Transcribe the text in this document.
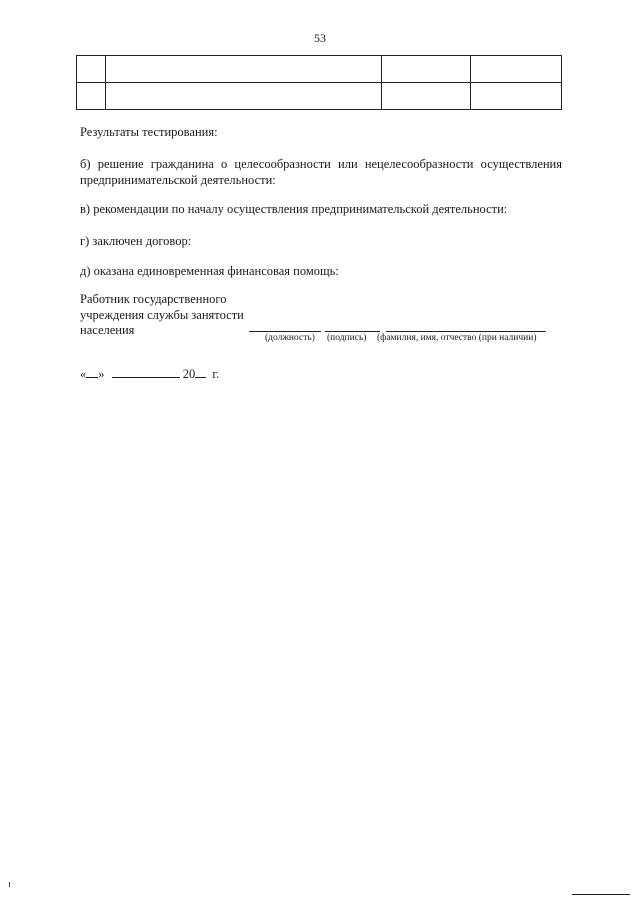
53

Результаты тестирования:
б) решение гражданина о целесообразности или нецелесообразности осуществления
предпринимательской деятельности:
в) рекомендации по началу осуществления предпринимательской деятельности:
г) заключен договор:
д) оказана единовременная финансовая помощь:
Работник государственного
учреждения службы занятости
населения
(должность) (подпись) (фамилия, имя, отчество (при наличии)
« »	20 г.
